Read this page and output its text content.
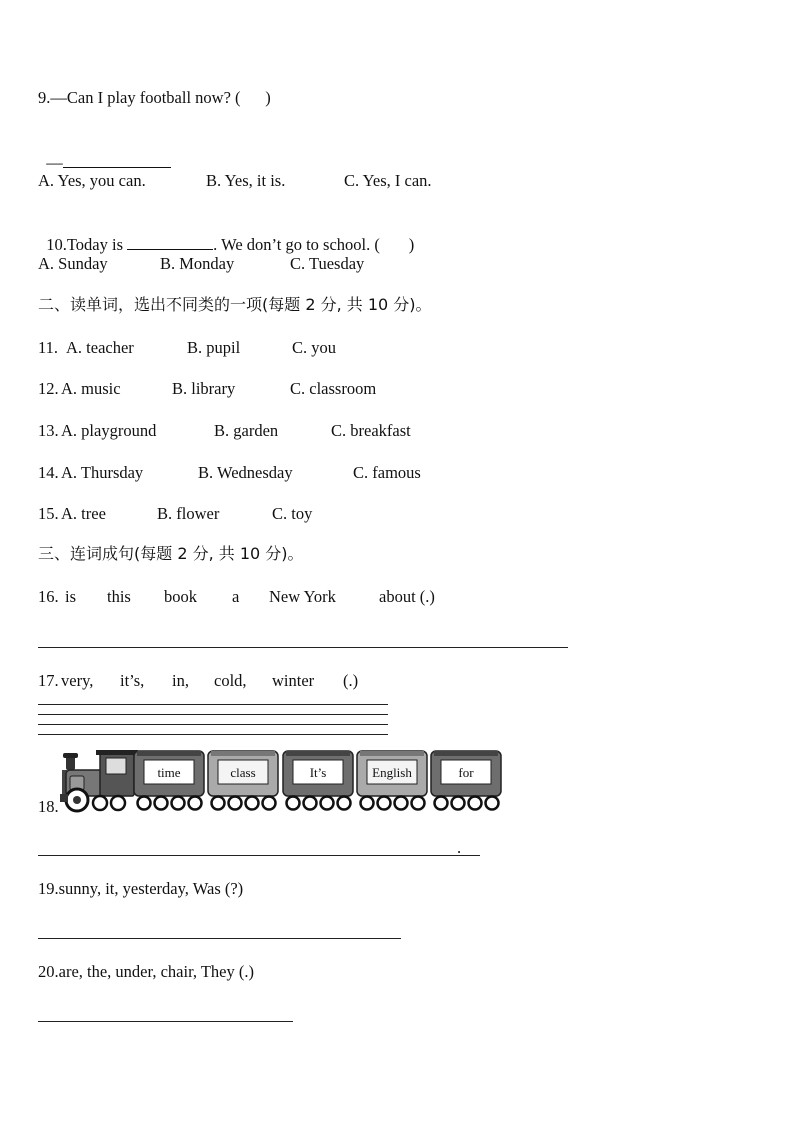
9.—Can I play football now? (      )

—

A. Yes, you can.	B. Yes, it is.	C. Yes, I can.

10.Today is	. We don’t go to school. (       )

A. Sunday	B. Monday	C. Tuesday
二、读单词，选出不同类的一项(每题 2 分, 共 10 分)。
11. A. teacher	B. pupil	C. you
12. A. music	B. library	C. classroom
13. A. playground	B. garden	C. breakfast
14. A. Thursday	B. Wednesday	C. famous
15. A. tree	B. flower	C. toy
三、连词成句(每题 2 分, 共 10 分)。
16. is this book a New York	about (.)
17. very, it’s, in, cold, winter (.)
18.
time	class	It’s	English	for
.
19.sunny, it, yesterday, Was (?)
20.are, the, under, chair, They (.)
